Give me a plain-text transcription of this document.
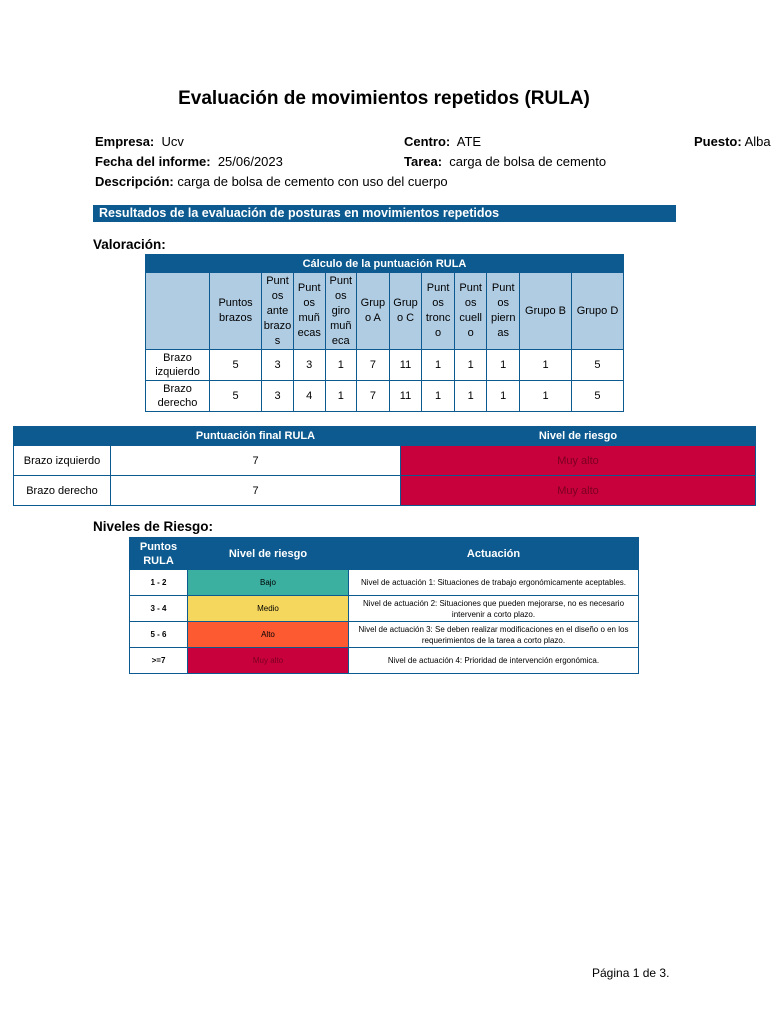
Evaluación de movimientos repetidos (RULA)
Empresa: Ucv	Centro: ATE	Puesto: Alba
Fecha del informe: 25/06/2023	Tarea: carga de bolsa de cemento
Descripción: carga de bolsa de cemento con uso del cuerpo
Resultados de la evaluación de posturas en movimientos repetidos
Valoración:
Cálculo de la puntuación RULA											
	Puntos brazos	Punt os ante brazo s	Punt os muñ ecas	Punt os giro muñ eca	Grup o A	Grup o C	Punt os tronc o	Punt os cuell o	Punt os piern as	Grupo B	Grupo D
Brazo izquierdo	5	3	3	1	7	11	1	1	1	1	5
Brazo derecho	5	3	4	1	7	11	1	1	1	1	5
	Puntuación final RULA	Nivel de riesgo
Brazo izquierdo	7	Muy alto
Brazo derecho	7	Muy alto
Niveles de Riesgo:
Puntos RULA	Nivel de riesgo	Actuación
1 - 2	Bajo	Nivel de actuación 1: Situaciones de trabajo ergonómicamente aceptables.
3 - 4	Medio	Nivel de actuación 2: Situaciones que pueden mejorarse, no es necesario intervenir a corto plazo.
5 - 6	Alto	Nivel de actuación 3: Se deben realizar modificaciones en el diseño o en los requerimientos de la tarea a corto plazo.
>=7	Muy alto	Nivel de actuación 4: Prioridad de intervención ergonómica.
Página 1 de 3.
